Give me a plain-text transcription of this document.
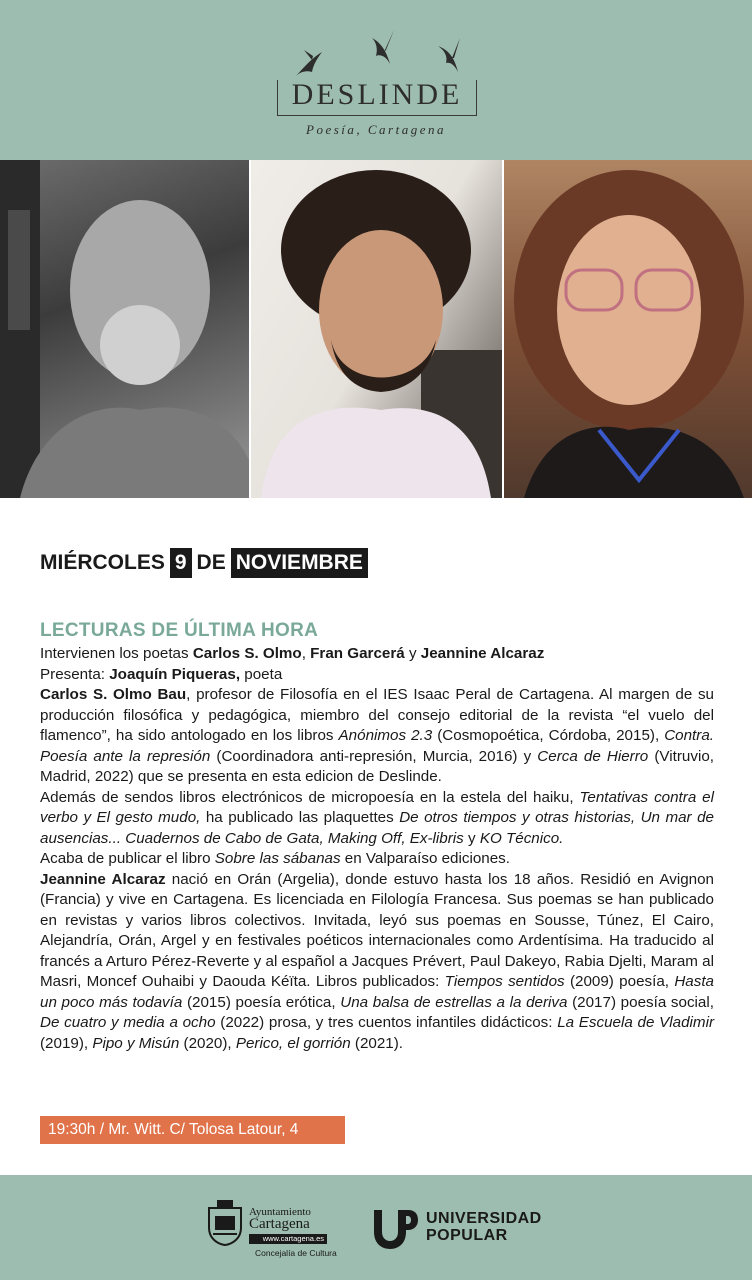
DESLINDE
Poesía, Cartagena
MIÉRCOLES 9 DE NOVIEMBRE
LECTURAS DE ÚLTIMA HORA

Intervienen los poetas Carlos S. Olmo, Fran Garcerá y Jeannine Alcaraz

Presenta: Joaquín Piqueras, poeta

Carlos S. Olmo Bau, profesor de Filosofía en el IES Isaac Peral de Cartagena. Al margen de su producción filosófica y pedagógica, miembro del consejo editorial de la revista “el vuelo del flamenco”, ha sido antologado en los libros Anónimos 2.3 (Cosmopoética, Córdoba, 2015), Contra. Poesía ante la represión (Coordinadora anti-represión, Murcia, 2016) y Cerca de Hierro (Vitruvio, Madrid, 2022) que se presenta en esta edicion de Deslinde.

Además de sendos libros electrónicos de micropoesía en la estela del haiku, Tentativas contra el verbo y El gesto mudo, ha publicado las plaquettes De otros tiempos y otras historias, Un mar de ausencias... Cuadernos de Cabo de Gata, Making Off, Ex-libris y KO Técnico.

Acaba de publicar el libro Sobre las sábanas en Valparaíso ediciones.

Jeannine Alcaraz nació en Orán (Argelia), donde estuvo hasta los 18 años. Residió en Avignon (Francia) y vive en Cartagena. Es licenciada en Filología Francesa. Sus poemas se han publicado en revistas y varios libros colectivos. Invitada, leyó sus poemas en Sousse, Túnez, El Cairo, Alejandría, Orán, Argel y en festivales poéticos internacionales como Ardentísima. Ha traducido al francés a Arturo Pérez-Reverte y al español a Jacques Prévert, Paul Dakeyo, Rabia Djelti, Maram al Masri, Moncef Ouhaibi y Daouda Kéïta. Libros publicados: Tiempos sentidos (2009) poesía, Hasta un poco más todavía (2015) poesía erótica, Una balsa de estrellas a la deriva (2017) poesía social, De cuatro y media a ocho (2022) prosa, y tres cuentos infantiles didácticos: La Escuela de Vladimir (2019), Pipo y Misún (2020), Perico, el gorrión (2021).

19:30h / Mr. Witt. C/ Tolosa Latour, 4
Ayuntamiento
Cartagena
www.cartagena.es
Concejalía de Cultura
UNIVERSIDAD
POPULAR
